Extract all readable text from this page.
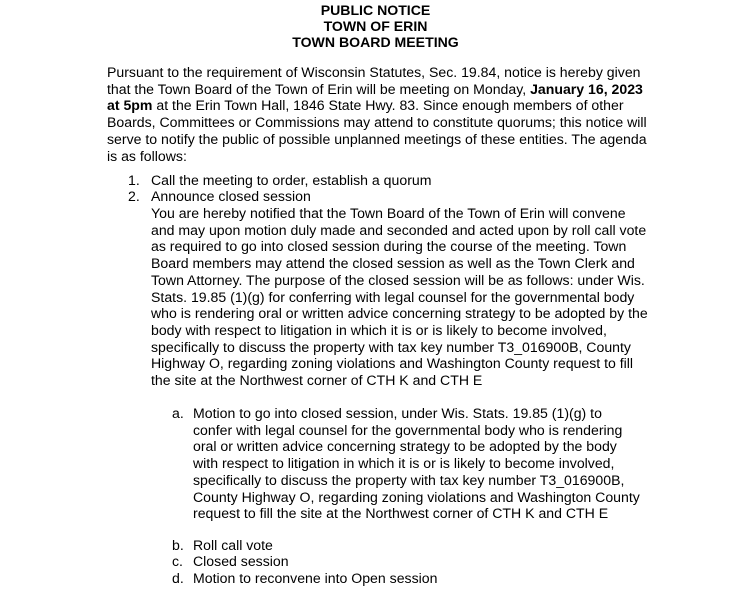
PUBLIC NOTICE
TOWN OF ERIN
TOWN BOARD MEETING
Pursuant to the requirement of Wisconsin Statutes, Sec. 19.84, notice is hereby given that the Town Board of the Town of Erin will be meeting on Monday, January 16, 2023 at 5pm at the Erin Town Hall, 1846 State Hwy. 83. Since enough members of other Boards, Committees or Commissions may attend to constitute quorums; this notice will serve to notify the public of possible unplanned meetings of these entities. The agenda is as follows:
1. Call the meeting to order, establish a quorum
2. Announce closed session
You are hereby notified that the Town Board of the Town of Erin will convene and may upon motion duly made and seconded and acted upon by roll call vote as required to go into closed session during the course of the meeting. Town Board members may attend the closed session as well as the Town Clerk and Town Attorney. The purpose of the closed session will be as follows: under Wis. Stats. 19.85 (1)(g) for conferring with legal counsel for the governmental body who is rendering oral or written advice concerning strategy to be adopted by the body with respect to litigation in which it is or is likely to become involved, specifically to discuss the property with tax key number T3_016900B, County Highway O, regarding zoning violations and Washington County request to fill the site at the Northwest corner of CTH K and CTH E
a. Motion to go into closed session, under Wis. Stats. 19.85 (1)(g) to confer with legal counsel for the governmental body who is rendering oral or written advice concerning strategy to be adopted by the body with respect to litigation in which it is or is likely to become involved, specifically to discuss the property with tax key number T3_016900B, County Highway O, regarding zoning violations and Washington County request to fill the site at the Northwest corner of CTH K and CTH E
b. Roll call vote
c. Closed session
d. Motion to reconvene into Open session
